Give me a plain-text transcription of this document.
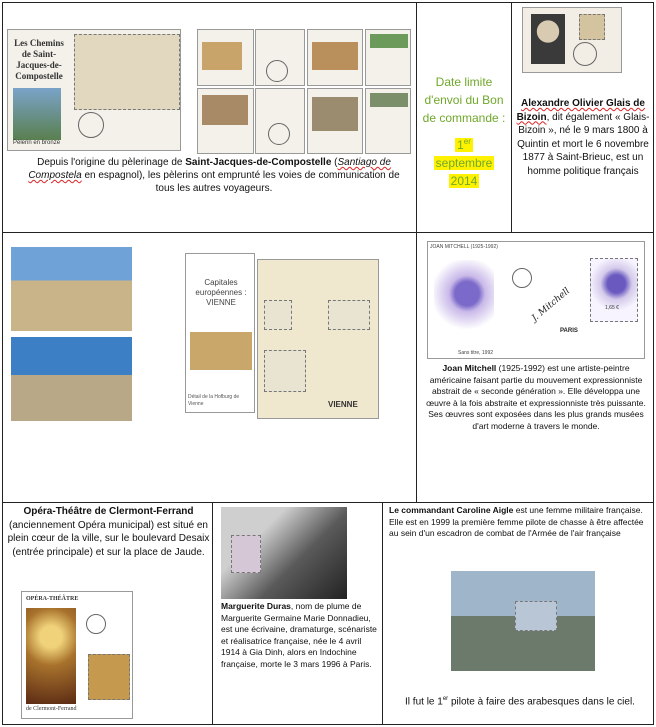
Les Chemins de Saint-Jacques-de-Compostelle
Pèlerin en bronze
Depuis l'origine du pèlerinage de Saint-Jacques-de-Compostelle (Santiago de Compostela en espagnol), les pèlerins ont emprunté les voies de communication de tous les autres voyageurs.
Date limite d'envoi du Bon de commande :
1er
septembre
2014
Alexandre Olivier Glais de Bizoin, dit également « Glais-Bizoin », né le 9 mars 1800 à Quintin et mort le 6 novembre 1877 à Saint-Brieuc, est un homme politique français
Capitales européennes : VIENNE
Détail de la Hofburg de Vienne	VIENNE
JOAN MITCHELL (1925-1992)
Sans titre, 1992
J. Mitchell
PARIS
1,65 €
Joan Mitchell (1925-1992) est une artiste-peintre américaine faisant partie du mouvement expressionniste abstrait de « seconde génération ». Elle développa une œuvre à la fois abstraite et expressionniste très puissante. Ses œuvres sont exposées dans les plus grands musées d'art moderne à travers le monde.
Opéra-Théâtre de Clermont-Ferrand (anciennement Opéra municipal) est situé en plein cœur de la ville, sur le boulevard Desaix (entrée principale) et sur la place de Jaude.
OPÉRA-THÉÂTRE
de Clermont-Ferrand
Marguerite Duras, nom de plume de Marguerite Germaine Marie Donnadieu, est une écrivaine, dramaturge, scénariste et réalisatrice française, née le 4 avril 1914 à Gia Dinh, alors en Indochine française, morte le 3 mars 1996 à Paris.
Le commandant Caroline Aigle est une femme militaire française. Elle est en 1999 la première femme pilote de chasse à être affectée au sein d'un escadron de combat de l'Armée de l'air française
Il fut le 1er pilote à faire des arabesques dans le ciel.
